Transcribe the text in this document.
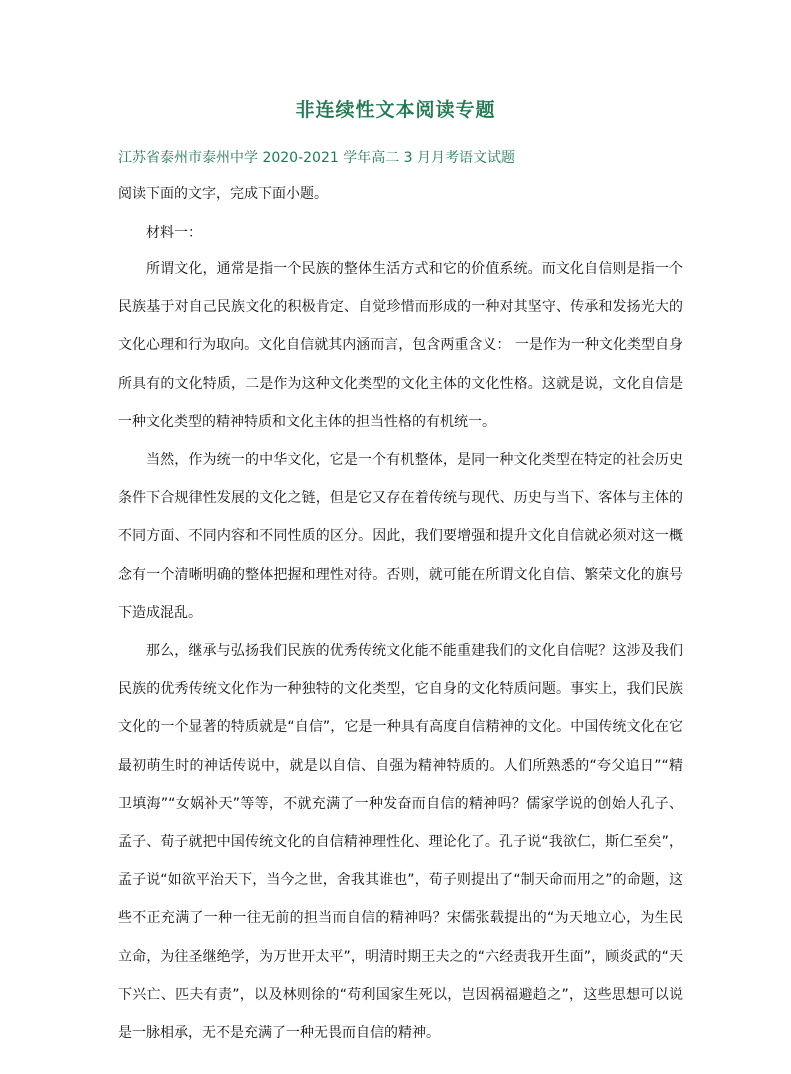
非连续性文本阅读专题
江苏省泰州市泰州中学 2020-2021 学年高二 3 月月考语文试题
阅读下面的文字，完成下面小题。
材料一：

所谓文化，通常是指一个民族的整体生活方式和它的价值系统。而文化自信则是指一个民族基于对自己民族文化的积极肯定、自觉珍惜而形成的一种对其坚守、传承和发扬光大的文化心理和行为取向。文化自信就其内涵而言，包含两重含义： 一是作为一种文化类型自身所具有的文化特质，二是作为这种文化类型的文化主体的文化性格。这就是说，文化自信是一种文化类型的精神特质和文化主体的担当性格的有机统一。

当然，作为统一的中华文化，它是一个有机整体，是同一种文化类型在特定的社会历史条件下合规律性发展的文化之链，但是它又存在着传统与现代、历史与当下、客体与主体的不同方面、不同内容和不同性质的区分。因此，我们要增强和提升文化自信就必须对这一概念有一个清晰明确的整体把握和理性对待。否则，就可能在所谓文化自信、繁荣文化的旗号下造成混乱。

那么，继承与弘扬我们民族的优秀传统文化能不能重建我们的文化自信呢？这涉及我们民族的优秀传统文化作为一种独特的文化类型，它自身的文化特质问题。事实上，我们民族文化的一个显著的特质就是“自信”，它是一种具有高度自信精神的文化。中国传统文化在它最初萌生时的神话传说中，就是以自信、自强为精神特质的。人们所熟悉的“夸父追日”“精卫填海”“女娲补天”等等，不就充满了一种发奋而自信的精神吗？儒家学说的创始人孔子、孟子、荀子就把中国传统文化的自信精神理性化、理论化了。孔子说“我欲仁，斯仁至矣”，孟子说“如欲平治天下，当今之世，舍我其谁也”，荀子则提出了“制天命而用之”的命题，这些不正充满了一种一往无前的担当而自信的精神吗？宋儒张载提出的“为天地立心，为生民立命，为往圣继绝学，为万世开太平”，明清时期王夫之的“六经责我开生面”，顾炎武的“天下兴亡、匹夫有责”，以及林则徐的“苟利国家生死以，岂因祸福避趋之”，这些思想可以说是一脉相承，无不是充满了一种无畏而自信的精神。
